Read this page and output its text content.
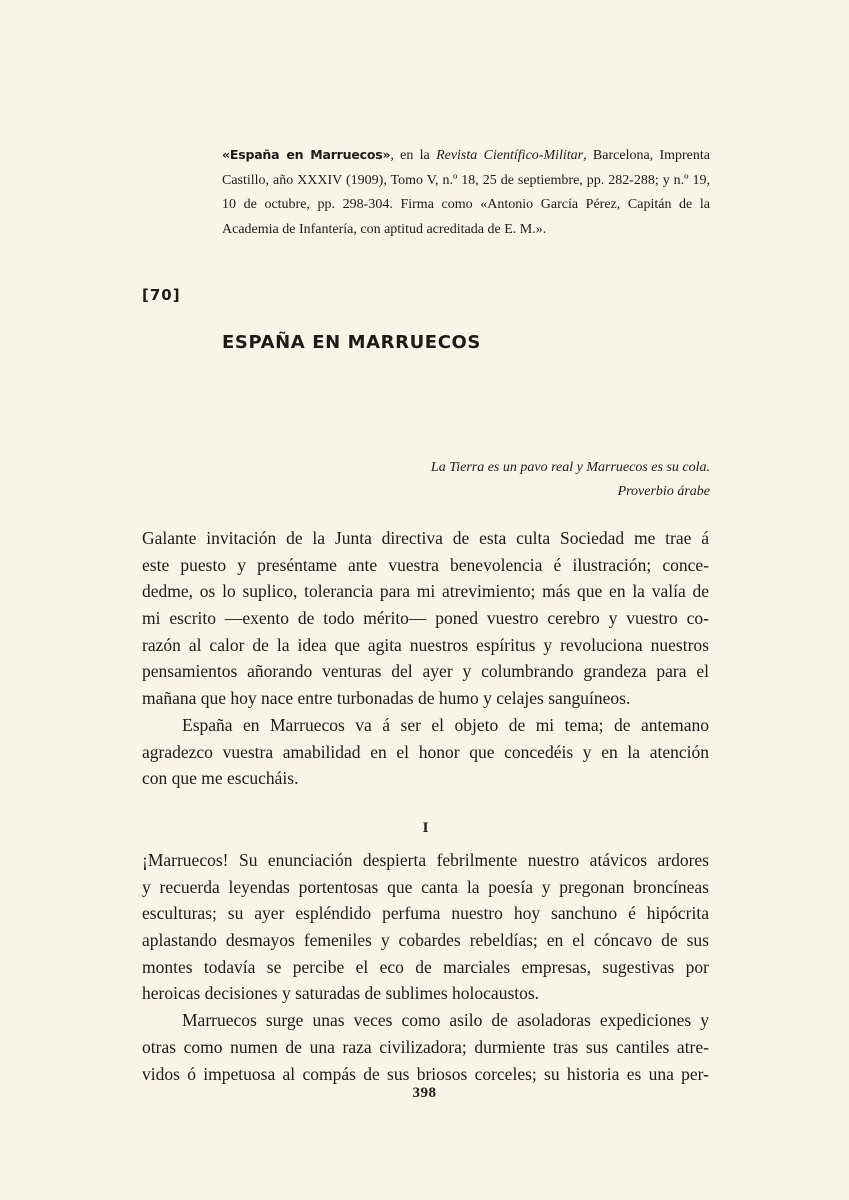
«España en Marruecos», en la Revista Científico-Militar, Barcelona, Imprenta Castillo, año XXXIV (1909), Tomo V, n.º 18, 25 de septiembre, pp. 282-288; y n.º 19, 10 de octubre, pp. 298-304. Firma como «Antonio García Pérez, Capitán de la Academia de Infantería, con aptitud acreditada de E. M.».
[70]
ESPAÑA EN MARRUECOS
La Tierra es un pavo real y Marruecos es su cola.
Proverbio árabe
Galante invitación de la Junta directiva de esta culta Sociedad me trae á
este puesto y preséntame ante vuestra benevolencia é ilustración; conce-
dedme, os lo suplico, tolerancia para mi atrevimiento; más que en la valía de
mi escrito —exento de todo mérito— poned vuestro cerebro y vuestro co-
razón al calor de la idea que agita nuestros espíritus y revoluciona nuestros
pensamientos añorando venturas del ayer y columbrando grandeza para el
mañana que hoy nace entre turbonadas de humo y celajes sanguíneos.
España en Marruecos va á ser el objeto de mi tema; de antemano
agradezco vuestra amabilidad en el honor que concedéis y en la atención
con que me escucháis.
I
¡Marruecos! Su enunciación despierta febrilmente nuestro atávicos ardores
y recuerda leyendas portentosas que canta la poesía y pregonan broncíneas
esculturas; su ayer espléndido perfuma nuestro hoy sanchuno é hipócrita
aplastando desmayos femeniles y cobardes rebeldías; en el cóncavo de sus
montes todavía se percibe el eco de marciales empresas, sugestivas por
heroicas decisiones y saturadas de sublimes holocaustos.
Marruecos surge unas veces como asilo de asoladoras expediciones y
otras como numen de una raza civilizadora; durmiente tras sus cantiles atre-
vidos ó impetuosa al compás de sus briosos corceles; su historia es una per-
398
